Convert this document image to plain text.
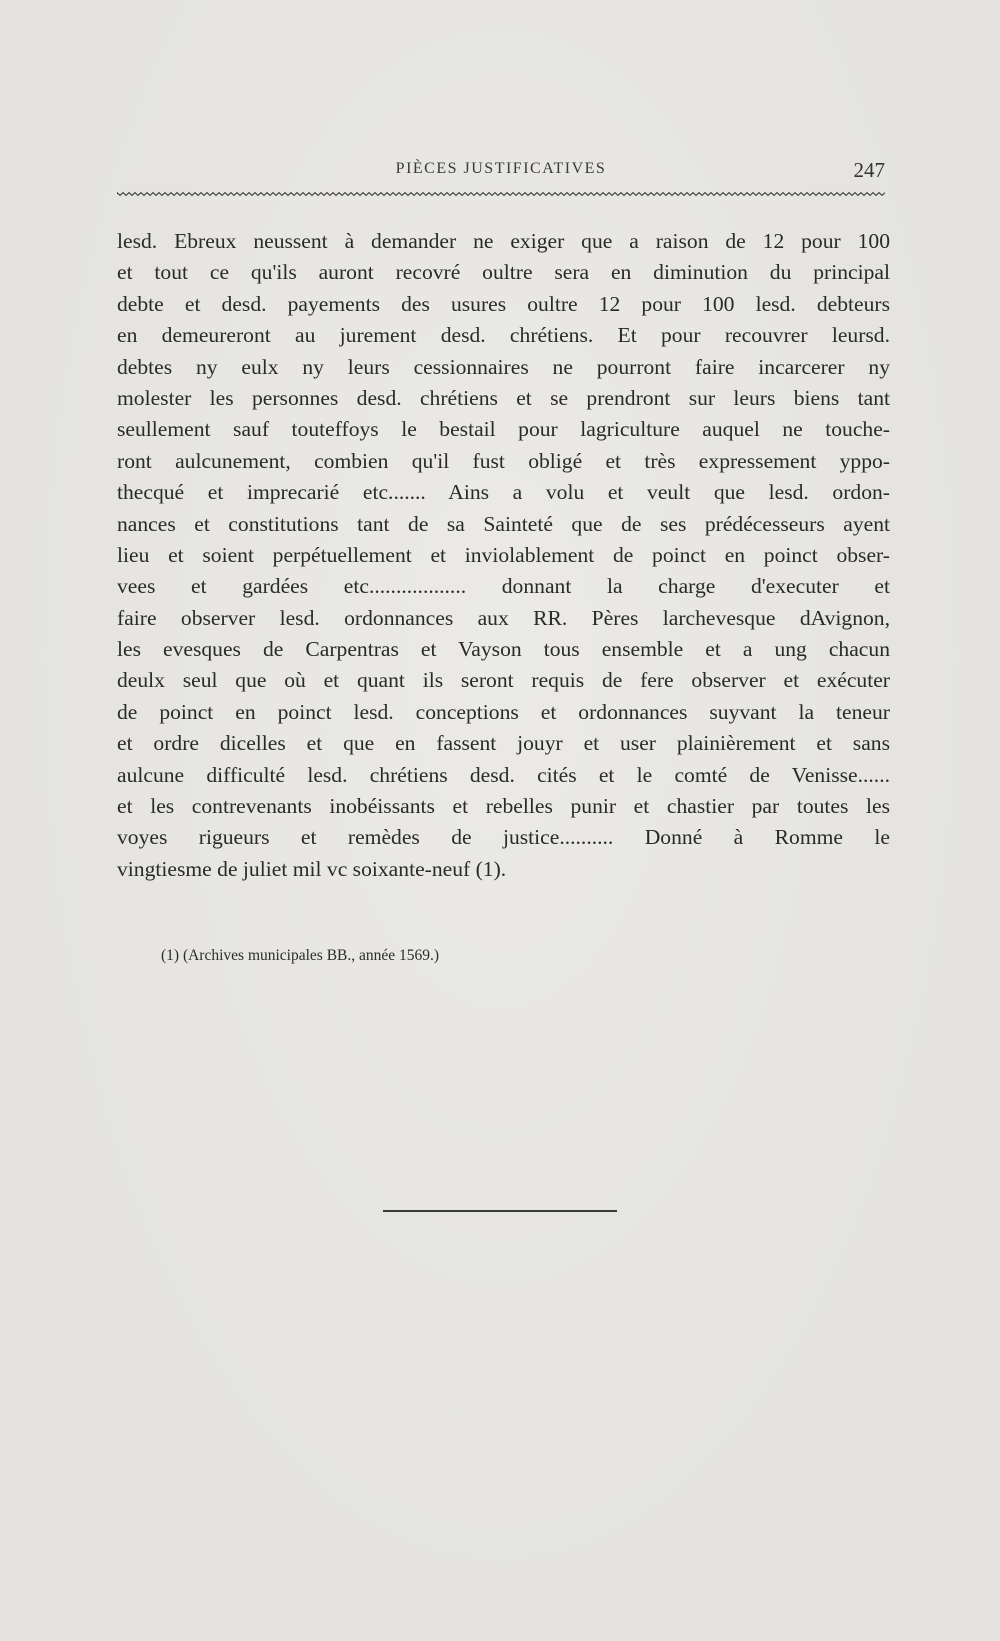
PIÈCES JUSTIFICATIVES	247

lesd. Ebreux neussent à demander ne exiger que a raison de 12 pour 100
et tout ce qu'ils auront recovré oultre sera en diminution du principal
debte et desd. payements des usures oultre 12 pour 100 lesd. debteurs
en demeureront au jurement desd. chrétiens. Et pour recouvrer leursd.
debtes ny eulx ny leurs cessionnaires ne pourront faire incarcerer ny
molester les personnes desd. chrétiens et se prendront sur leurs biens tant
seullement sauf touteffoys le bestail pour lagriculture auquel ne touche-
ront aulcunement, combien qu'il fust obligé et très expressement yppo-
thecqué et imprecarié etc....... Ains a volu et veult que lesd. ordon-
nances et constitutions tant de sa Sainteté que de ses prédécesseurs ayent
lieu et soient perpétuellement et inviolablement de poinct en poinct obser-
vees et gardées etc.................. donnant la charge d'executer et
faire observer lesd. ordonnances aux RR. Pères larchevesque dAvignon,
les evesques de Carpentras et Vayson tous ensemble et a ung chacun
deulx seul que où et quant ils seront requis de fere observer et exécuter
de poinct en poinct lesd. conceptions et ordonnances suyvant la teneur
et ordre dicelles et que en fassent jouyr et user plainièrement et sans
aulcune difficulté lesd. chrétiens desd. cités et le comté de Venisse......
et les contrevenants inobéissants et rebelles punir et chastier par toutes les
voyes rigueurs et remèdes de justice.......... Donné à Romme le
vingtiesme de juliet mil vc soixante-neuf (1).

(1) (Archives municipales BB., année 1569.)
